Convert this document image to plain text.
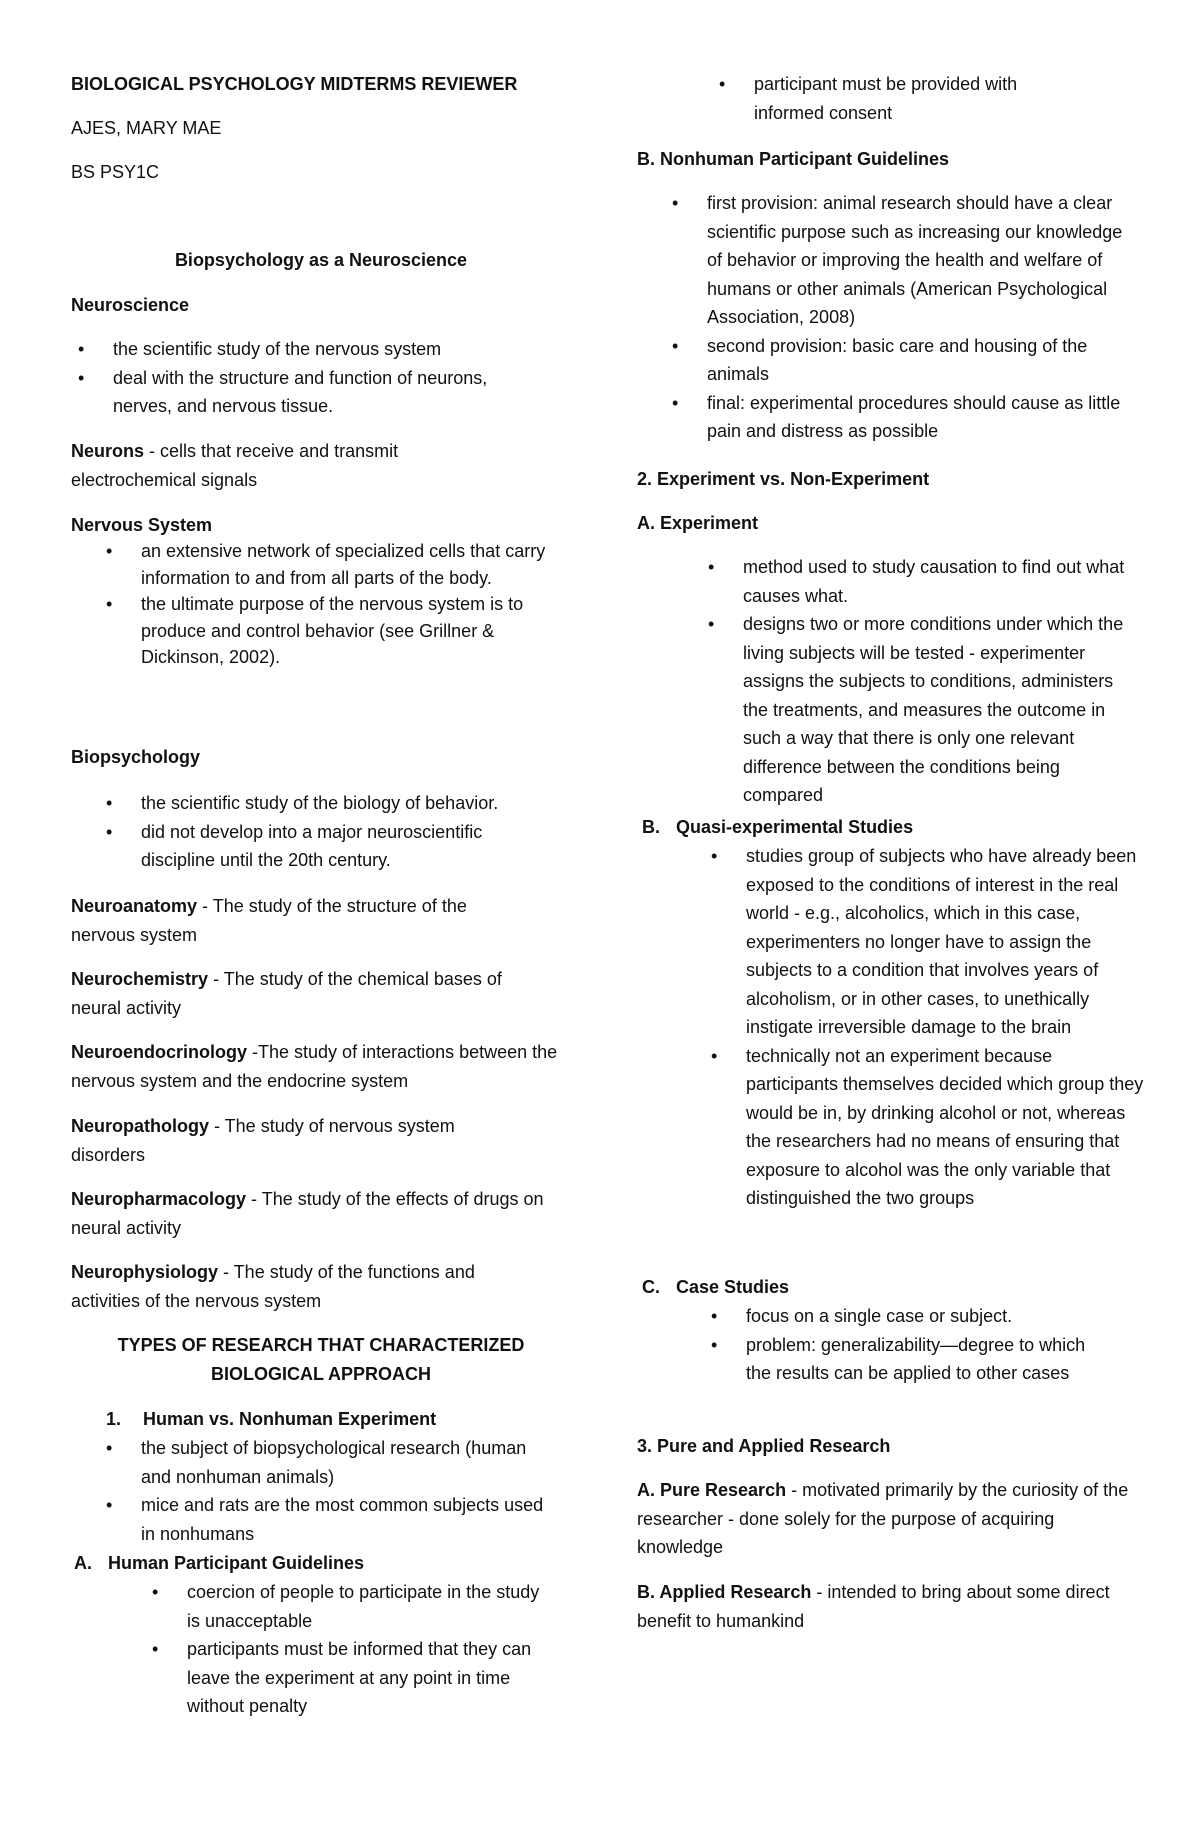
BIOLOGICAL PSYCHOLOGY MIDTERMS REVIEWER

AJES, MARY MAE

BS PSY1C

Biopsychology as a Neuroscience

Neuroscience

• the scientific study of the nervous system
• deal with the structure and function of neurons, nerves, and nervous tissue.

Neurons - cells that receive and transmit electrochemical signals

Nervous System

• an extensive network of specialized cells that carry information to and from all parts of the body.
• the ultimate purpose of the nervous system is to produce and control behavior (see Grillner & Dickinson, 2002).

Biopsychology

• the scientific study of the biology of behavior.
• did not develop into a major neuroscientific discipline until the 20th century.

Neuroanatomy - The study of the structure of the nervous system

Neurochemistry - The study of the chemical bases of neural activity

Neuroendocrinology -The study of interactions between the nervous system and the endocrine system

Neuropathology - The study of nervous system disorders

Neuropharmacology - The study of the effects of drugs on neural activity

Neurophysiology - The study of the functions and activities of the nervous system

TYPES OF RESEARCH THAT CHARACTERIZED

BIOLOGICAL APPROACH

1. Human vs. Nonhuman Experiment

• the subject of biopsychological research (human and nonhuman animals)
• mice and rats are the most common subjects used in nonhumans

A. Human Participant Guidelines

• coercion of people to participate in the study is unacceptable
• participants must be informed that they can leave the experiment at any point in time without penalty
• participant must be provided with informed consent

B. Nonhuman Participant Guidelines

• first provision: animal research should have a clear scientific purpose such as increasing our knowledge of behavior or improving the health and welfare of humans or other animals (American Psychological Association, 2008)
• second provision: basic care and housing of the animals
• final: experimental procedures should cause as little pain and distress as possible

2. Experiment vs. Non-Experiment

A. Experiment

• method used to study causation to find out what causes what.
• designs two or more conditions under which the living subjects will be tested - experimenter assigns the subjects to conditions, administers the treatments, and measures the outcome in such a way that there is only one relevant difference between the conditions being compared

B. Quasi-experimental Studies

• studies group of subjects who have already been exposed to the conditions of interest in the real world - e.g., alcoholics, which in this case, experimenters no longer have to assign the subjects to a condition that involves years of alcoholism, or in other cases, to unethically instigate irreversible damage to the brain
• technically not an experiment because participants themselves decided which group they would be in, by drinking alcohol or not, whereas the researchers had no means of ensuring that exposure to alcohol was the only variable that distinguished the two groups

C. Case Studies

• focus on a single case or subject.
• problem: generalizability—degree to which the results can be applied to other cases

3. Pure and Applied Research

A. Pure Research - motivated primarily by the curiosity of the researcher - done solely for the purpose of acquiring knowledge

B. Applied Research - intended to bring about some direct benefit to humankind
